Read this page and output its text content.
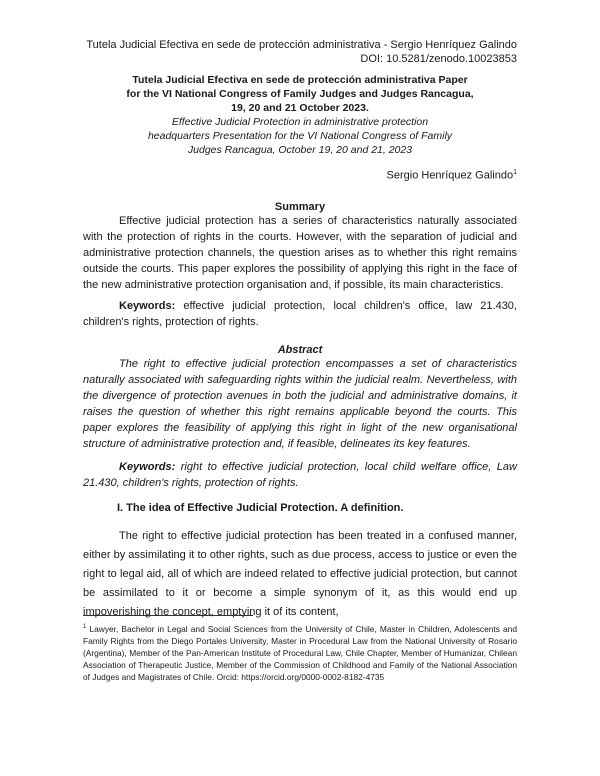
Tutela Judicial Efectiva en sede de protección administrativa - Sergio Henríquez Galindo
DOI: 10.5281/zenodo.10023853
Tutela Judicial Efectiva en sede de protección administrativa Paper
for the VI National Congress of Family Judges and Judges Rancagua,
19, 20 and 21 October 2023.
Effective Judicial Protection in administrative protection
headquarters Presentation for the VI National Congress of Family
Judges Rancagua, October 19, 20 and 21, 2023
Sergio Henríquez Galindo$^1$
Summary
Effective judicial protection has a series of characteristics naturally associated with the protection of rights in the courts. However, with the separation of judicial and administrative protection channels, the question arises as to whether this right remains outside the courts. This paper explores the possibility of applying this right in the face of the new administrative protection organisation and, if possible, its main characteristics.
Keywords: effective judicial protection, local children's office, law 21.430, children's rights, protection of rights.
Abstract
The right to effective judicial protection encompasses a set of characteristics naturally associated with safeguarding rights within the judicial realm. Nevertheless, with the divergence of protection avenues in both the judicial and administrative domains, it raises the question of whether this right remains applicable beyond the courts. This paper explores the feasibility of applying this right in light of the new organisational structure of administrative protection and, if feasible, delineates its key features.
Keywords: right to effective judicial protection, local child welfare office, Law 21.430, children's rights, protection of rights.
I. The idea of Effective Judicial Protection. A definition.
The right to effective judicial protection has been treated in a confused manner, either by assimilating it to other rights, such as due process, access to justice or even the right to legal aid, all of which are indeed related to effective judicial protection, but cannot be assimilated to it or become a simple synonym of it, as this would end up impoverishing the concept, emptying it of its content,
$^1$ Lawyer, Bachelor in Legal and Social Sciences from the University of Chile, Master in Children, Adolescents and Family Rights from the Diego Portales University, Master in Procedural Law from the National University of Rosario (Argentina), Member of the Pan-American Institute of Procedural Law, Chile Chapter, Member of Humanizar, Chilean Association of Therapeutic Justice, Member of the Commission of Childhood and Family of the National Association of Judges and Magistrates of Chile. Orcid: https://orcid.org/0000-0002-8182-4735
